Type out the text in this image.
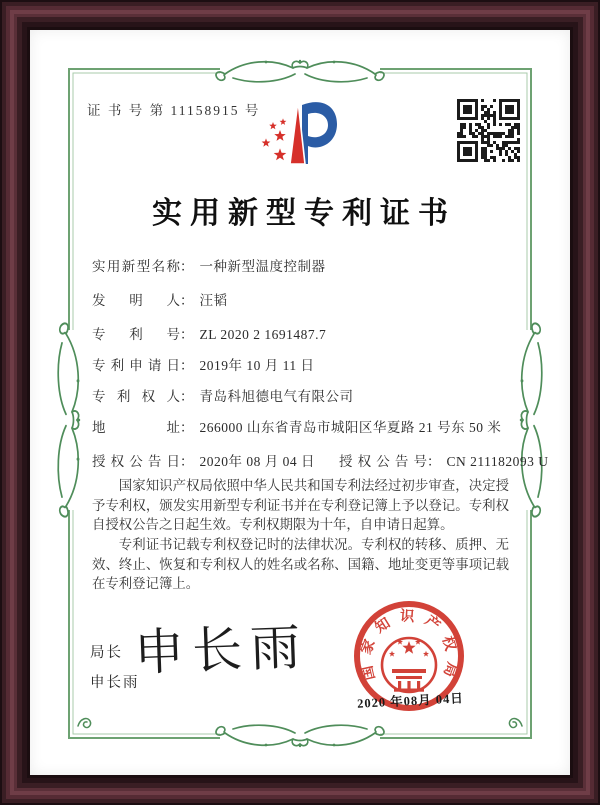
证 书 号 第 11158915 号
实用新型专利证书
实用新型名称： 一种新型温度控制器
发明人： 汪韬
专利号： ZL 2020 2 1691487.7
专利申请日： 2019年 10 月 11 日
专利权人： 青岛科旭德电气有限公司
地址： 266000 山东省青岛市城阳区华夏路 21 号东 50 米
授权公告日： 2020年 08 月 04 日 授权公告号： CN 211182093 U

国家知识产权局依照中华人民共和国专利法经过初步审查，决定授予专利权，颁发实用新型专利证书并在专利登记簿上予以登记。专利权自授权公告之日起生效。专利权期限为十年，自申请日起算。

专利证书记载专利权登记时的法律状况。专利权的转移、质押、无效、终止、恢复和专利权人的姓名或名称、国籍、地址变更等事项记载在专利登记簿上。

局长
申长雨
申长雨	国家知识产权局
2020 年08月 04日
